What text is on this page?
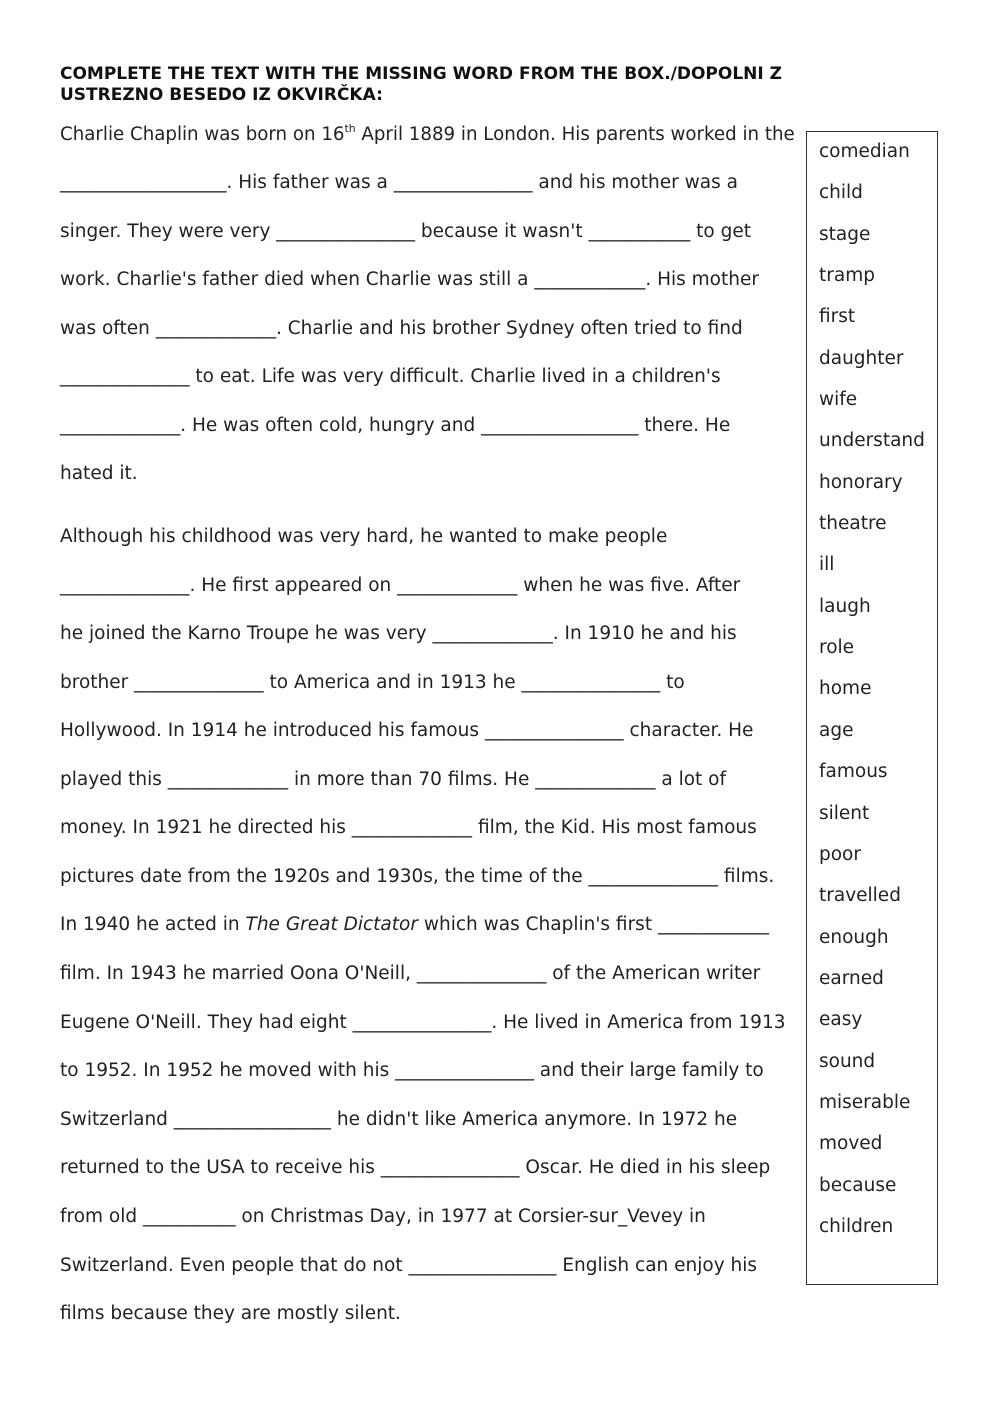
COMPLETE THE TEXT WITH THE MISSING WORD FROM THE BOX./DOPOLNI Z
USTREZNO BESEDO IZ OKVIRČKA:
Charlie Chaplin was born on 16th April 1889 in London. His parents worked in the
__________________. His father was a _______________ and his mother was a
singer. They were very _______________ because it wasn't ___________ to get
work. Charlie's father died when Charlie was still a ____________. His mother
was often _____________. Charlie and his brother Sydney often tried to find
______________ to eat. Life was very difficult. Charlie lived in a children's
_____________. He was often cold, hungry and _________________ there. He
hated it.
Although his childhood was very hard, he wanted to make people
______________. He first appeared on _____________ when he was five. After
he joined the Karno Troupe he was very _____________. In 1910 he and his
brother ______________ to America and in 1913 he _______________ to
Hollywood. In 1914 he introduced his famous _______________ character. He
played this _____________ in more than 70 films. He _____________ a lot of
money. In 1921 he directed his _____________ film, the Kid. His most famous
pictures date from the 1920s and 1930s, the time of the ______________ films.
In 1940 he acted in The Great Dictator which was Chaplin's first ____________
film. In 1943 he married Oona O'Neill, ______________ of the American writer
Eugene O'Neill. They had eight _______________. He lived in America from 1913
to 1952. In 1952 he moved with his _______________ and their large family to
Switzerland _________________ he didn't like America anymore. In 1972 he
returned to the USA to receive his _______________ Oscar. He died in his sleep
from old __________ on Christmas Day, in 1977 at Corsier-sur_Vevey in
Switzerland. Even people that do not ________________ English can enjoy his
films because they are mostly silent.
comedian
child
stage
tramp
first
daughter
wife
understand
honorary
theatre
ill
laugh
role
home
age
famous
silent
poor
travelled
enough
earned
easy
sound
miserable
moved
because
children
